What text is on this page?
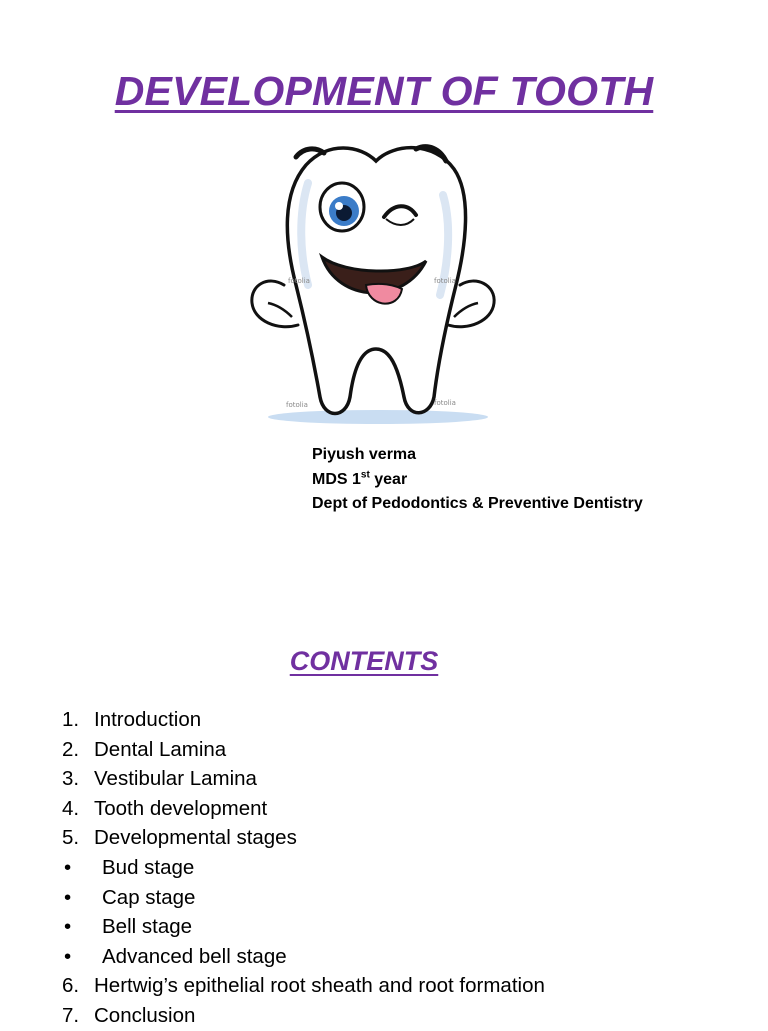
DEVELOPMENT OF TOOTH
fotolia	fotolia
fotolia	fotolia
Piyush verma
MDS 1st year
Dept of Pedodontics & Preventive Dentistry
CONTENTS
1. Introduction
2. Dental Lamina
3. Vestibular Lamina
4. Tooth development
5. Developmental stages
•	Bud stage
•	Cap stage
•	Bell stage
•	Advanced bell stage
6. Hertwig’s epithelial root sheath and root formation
7. Conclusion
